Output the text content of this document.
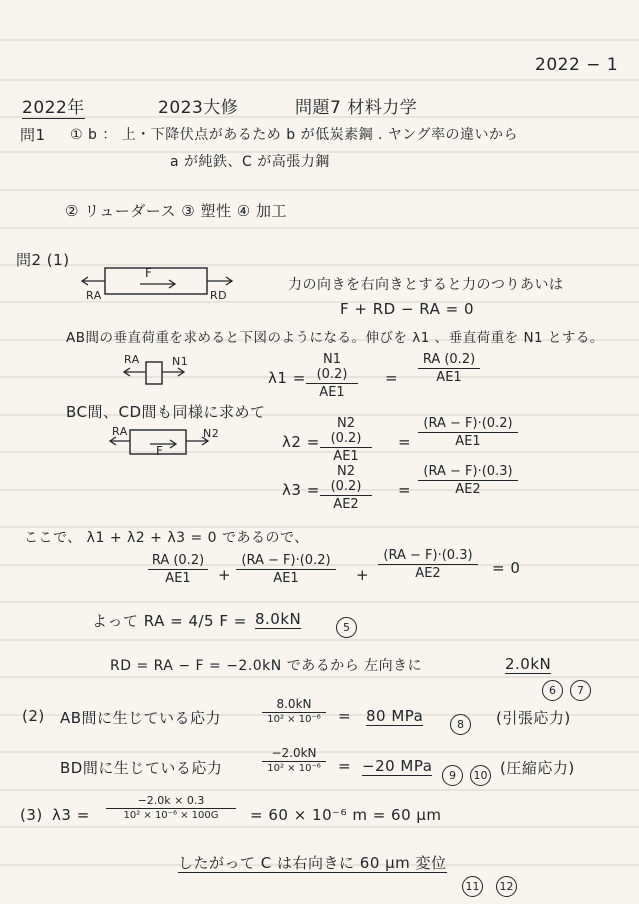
2022 − 1
2022年	2023大修	問題7 材料力学
問1 ① b ： 上・下降伏点があるため b が低炭素鋼 . ヤング率の違いから
a が純鉄、C が高張力鋼
② リューダース ③ 塑性 ④ 加工
問2 (1)
F
RA	RD
力の向きを右向きとすると力のつりあいは
F + RD − RA = 0
AB間の垂直荷重を求めると下図のようになる。伸びを λ1 、垂直荷重を N1 とする。
RA	N1
$\lambda 1 = \frac{N1 (0.2)}{AE1} = \frac{RA (0.2)}{AE1}$
BC間、CD間も同様に求めて
RA
F
N2	$\lambda 2 = \frac{N2 (0.2)}{AE1} = \frac{(RA - F)\cdot(0.2)}{AE1}$
$\lambda 3 = \frac{N2 (0.2)}{AE2} = \frac{(RA - F)\cdot(0.3)}{AE2}$
ここで、 λ1 + λ2 + λ3 = 0 であるので、
$\frac{RA (0.2)}{AE1} + \frac{(RA - F)\cdot(0.2)}{AE1} + \frac{(RA - F)\cdot(0.3)}{AE2} = 0$
よって RA = 4/5 F = 8.0kN	5
RD = RA − F = −2.0kN であるから 左向きに	2.0kN
6	7
(2) AB間に生じている応力
8.0kN
10² × 10⁻⁶	= 80 MPa	8	(引張応力)
BD間に生じている応力
−2.0kN
10² × 10⁻⁶	= −20 MPa
9	10 (圧縮応力)
(3) $\lambda 3 = \frac{-2.0k \times 0.3}{\text{10² × 10⁻⁶ × 100G}} = 60 \times 10^{-6}$ m = 60 μm
したがって C は右向きに 60 μm 変位
11	12
